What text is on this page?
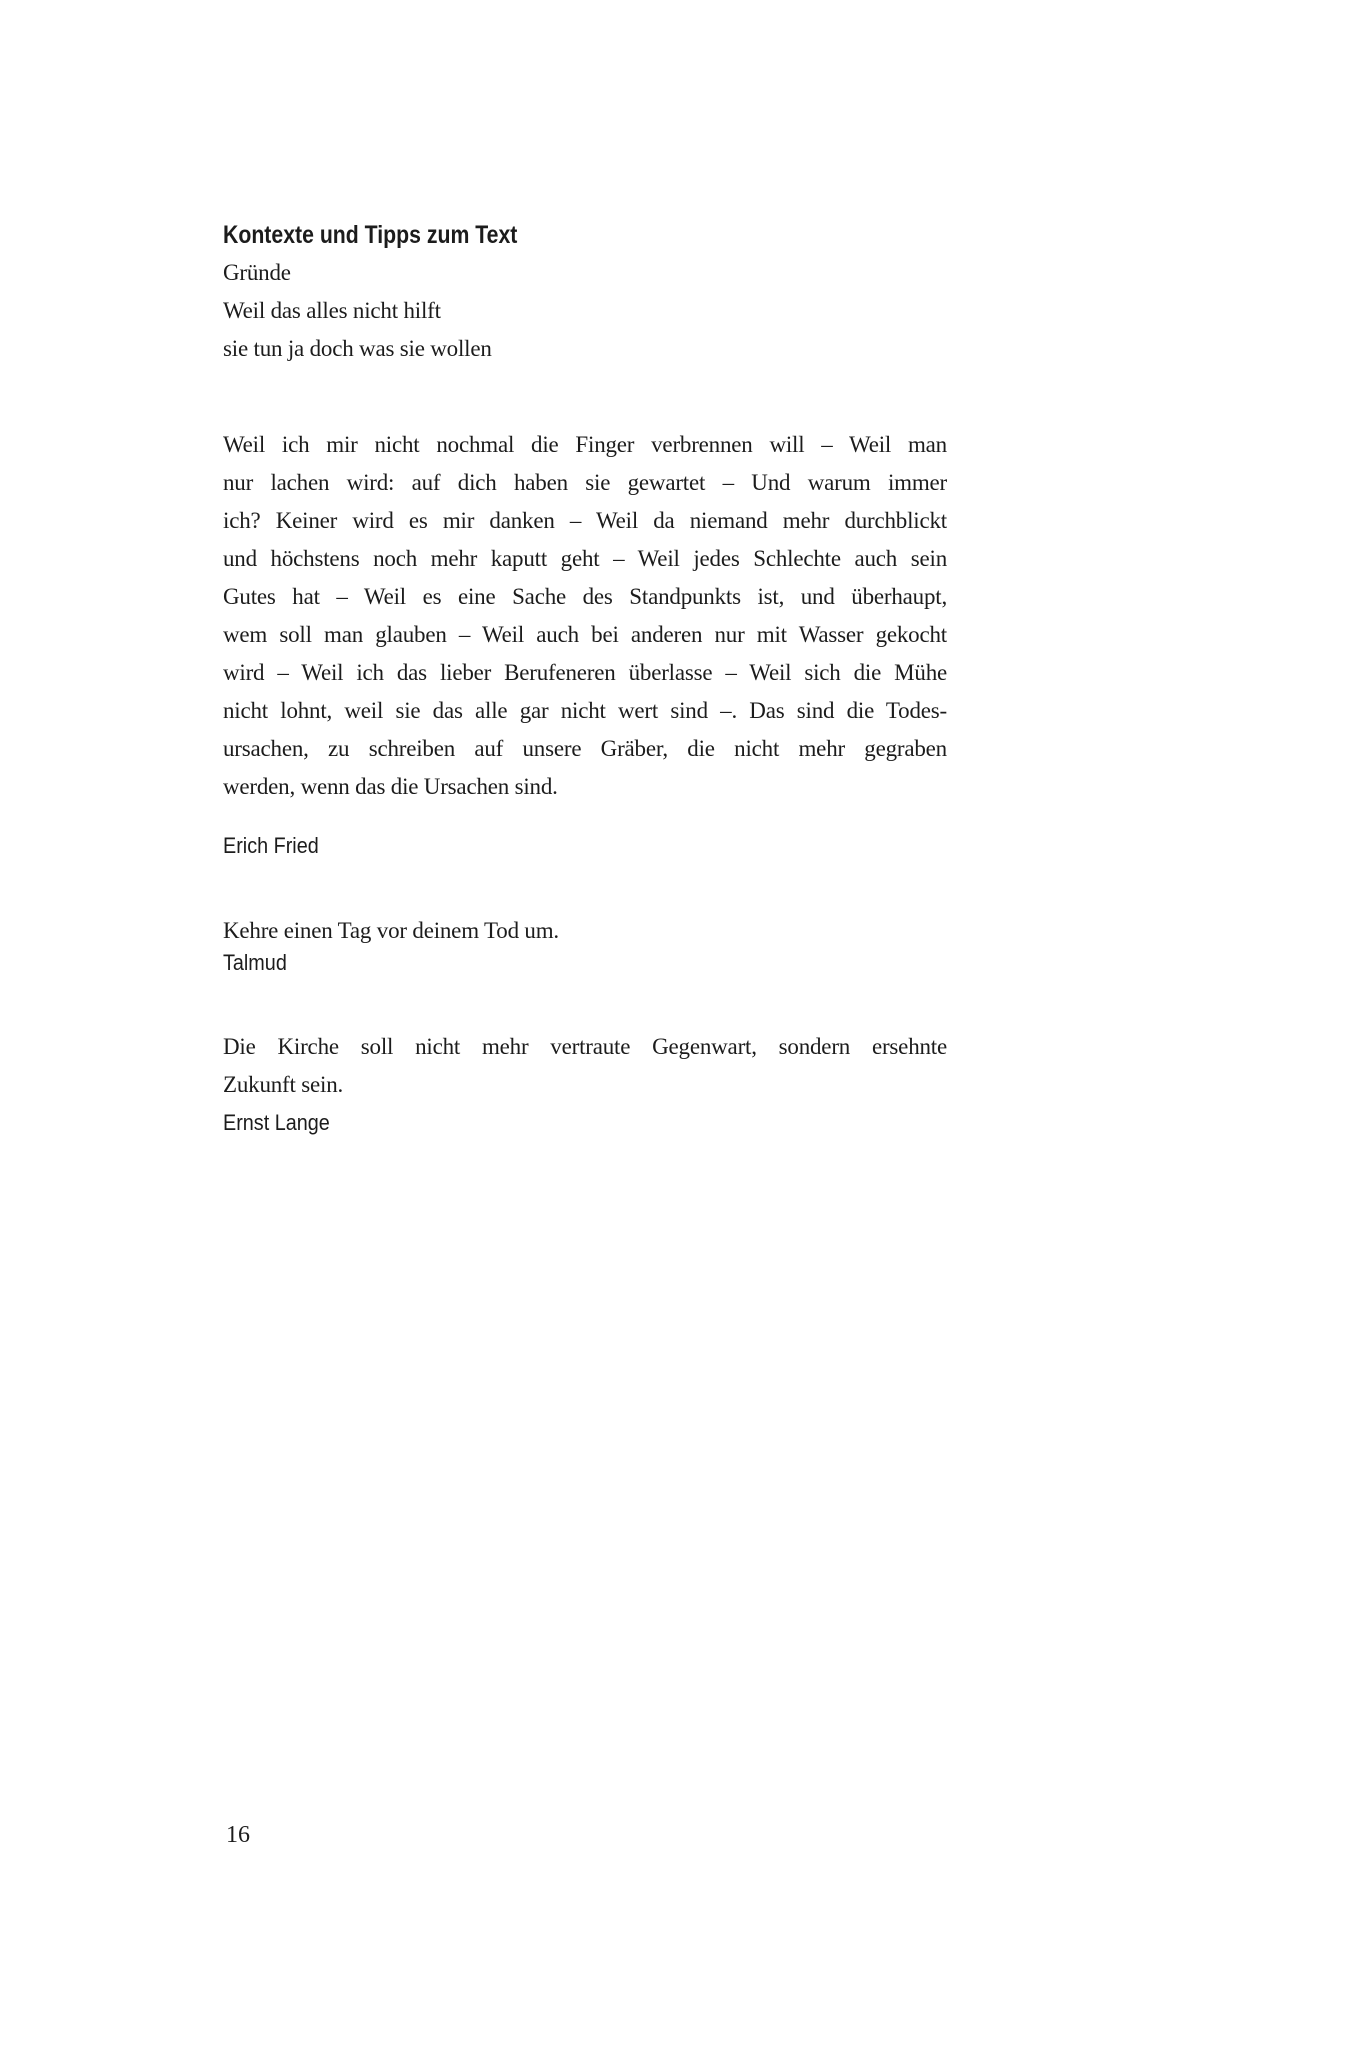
Kontexte und Tipps zum Text
Gründe
Weil das alles nicht hilft
sie tun ja doch was sie wollen
Weil ich mir nicht nochmal die Finger verbrennen will – Weil man
nur lachen wird: auf dich haben sie gewartet – Und warum immer
ich? Keiner wird es mir danken – Weil da niemand mehr durchblickt
und höchstens noch mehr kaputt geht – Weil jedes Schlechte auch sein
Gutes hat – Weil es eine Sache des Standpunkts ist, und überhaupt,
wem soll man glauben – Weil auch bei anderen nur mit Wasser gekocht
wird – Weil ich das lieber Berufeneren überlasse – Weil sich die Mühe
nicht lohnt, weil sie das alle gar nicht wert sind –. Das sind die Todes-
ursachen, zu schreiben auf unsere Gräber, die nicht mehr gegraben
werden, wenn das die Ursachen sind.
Erich Fried
Kehre einen Tag vor deinem Tod um.
Talmud
Die Kirche soll nicht mehr vertraute Gegenwart, sondern ersehnte
Zukunft sein.
Ernst Lange
16
